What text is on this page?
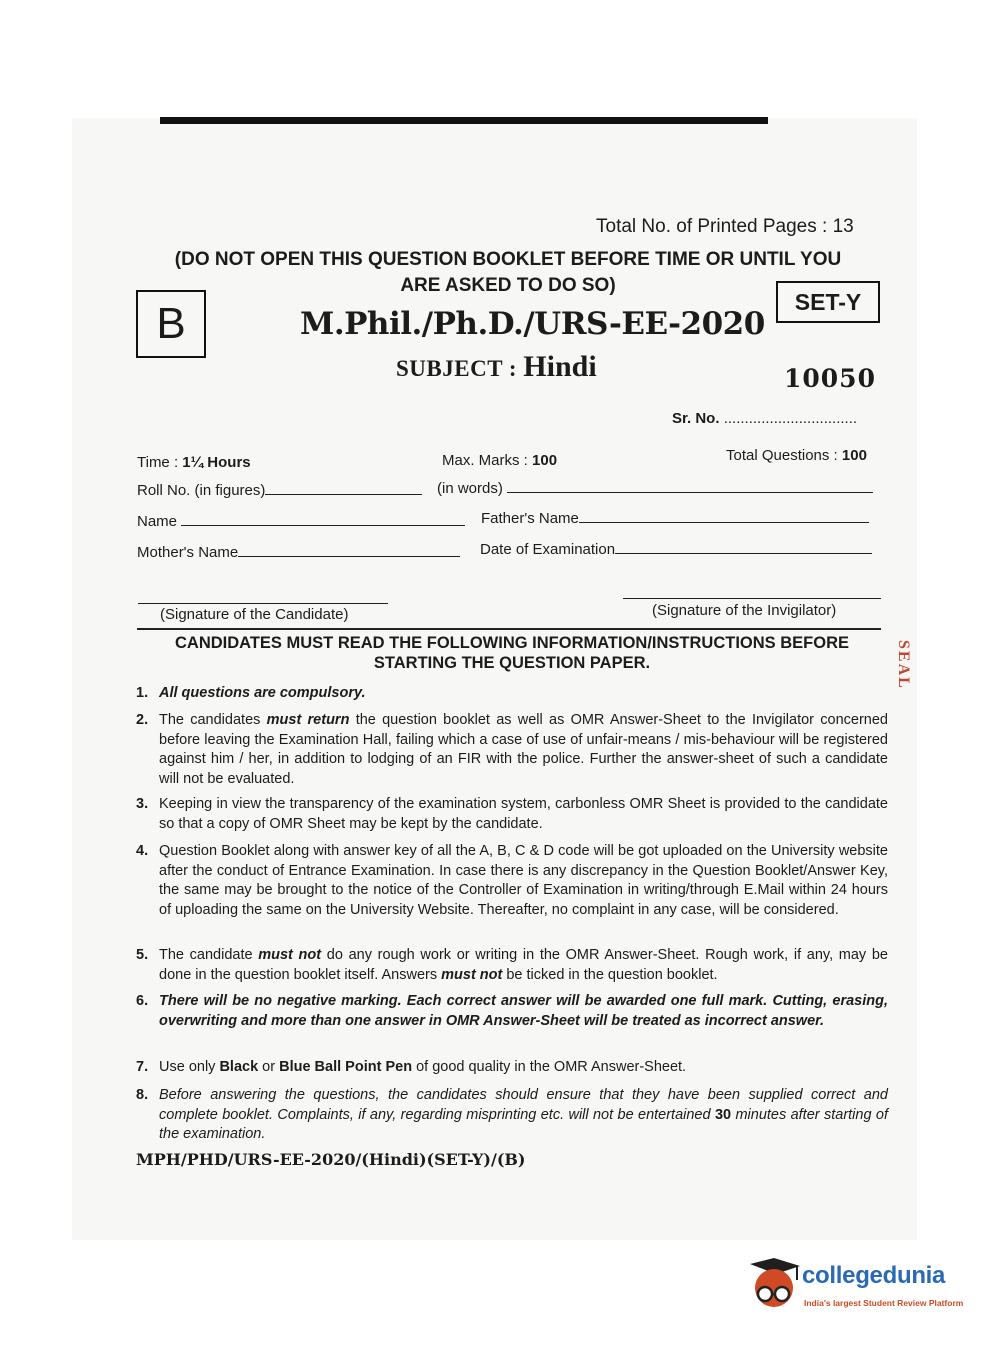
Total No. of Printed Pages : 13
(DO NOT OPEN THIS QUESTION BOOKLET BEFORE TIME OR UNTIL YOU
ARE ASKED TO DO SO)
B	SET-Y
M.Phil./Ph.D./URS-EE-2020
SUBJECT : Hindi	10050
Sr. No. ................................
Time : 1¼ Hours	Max. Marks : 100	Total Questions : 100
Roll No. (in figures)	(in words)
Name	Father's Name
Mother's Name	Date of Examination
(Signature of the Candidate)	(Signature of the Invigilator)
CANDIDATES MUST READ THE FOLLOWING INFORMATION/INSTRUCTIONS BEFORE
STARTING THE QUESTION PAPER.
1. All questions are compulsory.
2. The candidates must return the question booklet as well as OMR Answer-Sheet to the Invigilator concerned before leaving the Examination Hall, failing which a case of use of unfair-means / mis-behaviour will be registered against him / her, in addition to lodging of an FIR with the police. Further the answer-sheet of such a candidate will not be evaluated.
3. Keeping in view the transparency of the examination system, carbonless OMR Sheet is provided to the candidate so that a copy of OMR Sheet may be kept by the candidate.
4. Question Booklet along with answer key of all the A, B, C & D code will be got uploaded on the University website after the conduct of Entrance Examination. In case there is any discrepancy in the Question Booklet/Answer Key, the same may be brought to the notice of the Controller of Examination in writing/through E.Mail within 24 hours of uploading the same on the University Website. Thereafter, no complaint in any case, will be considered.
5. The candidate must not do any rough work or writing in the OMR Answer-Sheet. Rough work, if any, may be done in the question booklet itself. Answers must not be ticked in the question booklet.
6. There will be no negative marking. Each correct answer will be awarded one full mark. Cutting, erasing, overwriting and more than one answer in OMR Answer-Sheet will be treated as incorrect answer.
7. Use only Black or Blue Ball Point Pen of good quality in the OMR Answer-Sheet.
8. Before answering the questions, the candidates should ensure that they have been supplied correct and complete booklet. Complaints, if any, regarding misprinting etc. will not be entertained 30 minutes after starting of the examination.
MPH/PHD/URS-EE-2020/(Hindi)(SET-Y)/(B)
SEAL
collegedunia
India's largest Student Review Platform
